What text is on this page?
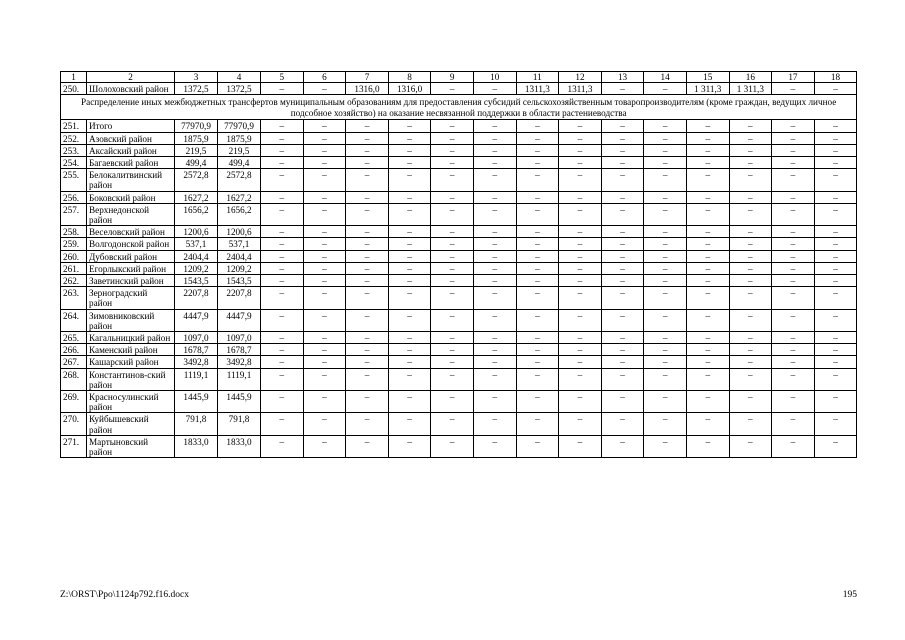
1	2	3	4	5	6	7	8	9	10	11	12	13	14	15	16	17	18
250.	Шолоховский район	1372,5	1372,5	–	–	1316,0	1316,0	–	–	1311,3	1311,3	–	–	1 311,3	1 311,3	–	–
Распределение иных межбюджетных трансфертов муниципальным образованиям для предоставления субсидий сельскохозяйственным товаропроизводителям (кроме граждан, ведущих личное подсобное хозяйство) на оказание несвязанной поддержки в области растениеводства																	
251.	Итого	77970,9	77970,9	–	–	–	–	–	–	–	–	–	–	–	–	–	–
252.	Азовский район	1875,9	1875,9	–	–	–	–	–	–	–	–	–	–	–	–	–	–
253.	Аксайский район	219,5	219,5	–	–	–	–	–	–	–	–	–	–	–	–	–	–
254.	Багаевский район	499,4	499,4	–	–	–	–	–	–	–	–	–	–	–	–	–	–
255.	Белокалитвинский район	2572,8	2572,8	–	–	–	–	–	–	–	–	–	–	–	–	–	–
256.	Боковский район	1627,2	1627,2	–	–	–	–	–	–	–	–	–	–	–	–	–	–
257.	Верхнедонской район	1656,2	1656,2	–	–	–	–	–	–	–	–	–	–	–	–	–	–
258.	Веселовский район	1200,6	1200,6	–	–	–	–	–	–	–	–	–	–	–	–	–	–
259.	Волгодонской район	537,1	537,1	–	–	–	–	–	–	–	–	–	–	–	–	–	–
260.	Дубовский район	2404,4	2404,4	–	–	–	–	–	–	–	–	–	–	–	–	–	–
261.	Егорлыкский район	1209,2	1209,2	–	–	–	–	–	–	–	–	–	–	–	–	–	–
262.	Заветинский район	1543,5	1543,5	–	–	–	–	–	–	–	–	–	–	–	–	–	–
263.	Зерноградский район	2207,8	2207,8	–	–	–	–	–	–	–	–	–	–	–	–	–	–
264.	Зимовниковский район	4447,9	4447,9	–	–	–	–	–	–	–	–	–	–	–	–	–	–
265.	Кагальницкий район	1097,0	1097,0	–	–	–	–	–	–	–	–	–	–	–	–	–	–
266.	Каменский район	1678,7	1678,7	–	–	–	–	–	–	–	–	–	–	–	–	–	–
267.	Кашарский район	3492,8	3492,8	–	–	–	–	–	–	–	–	–	–	–	–	–	–
268.	Константинов-ский район	1119,1	1119,1	–	–	–	–	–	–	–	–	–	–	–	–	–	–
269.	Красносулинский район	1445,9	1445,9	–	–	–	–	–	–	–	–	–	–	–	–	–	–
270.	Куйбышевский район	791,8	791,8	–	–	–	–	–	–	–	–	–	–	–	–	–	–
271.	Мартыновский район	1833,0	1833,0	–	–	–	–	–	–	–	–	–	–	–	–	–	–
Z:\ORST\Ppo\1124p792.f16.docx	195
